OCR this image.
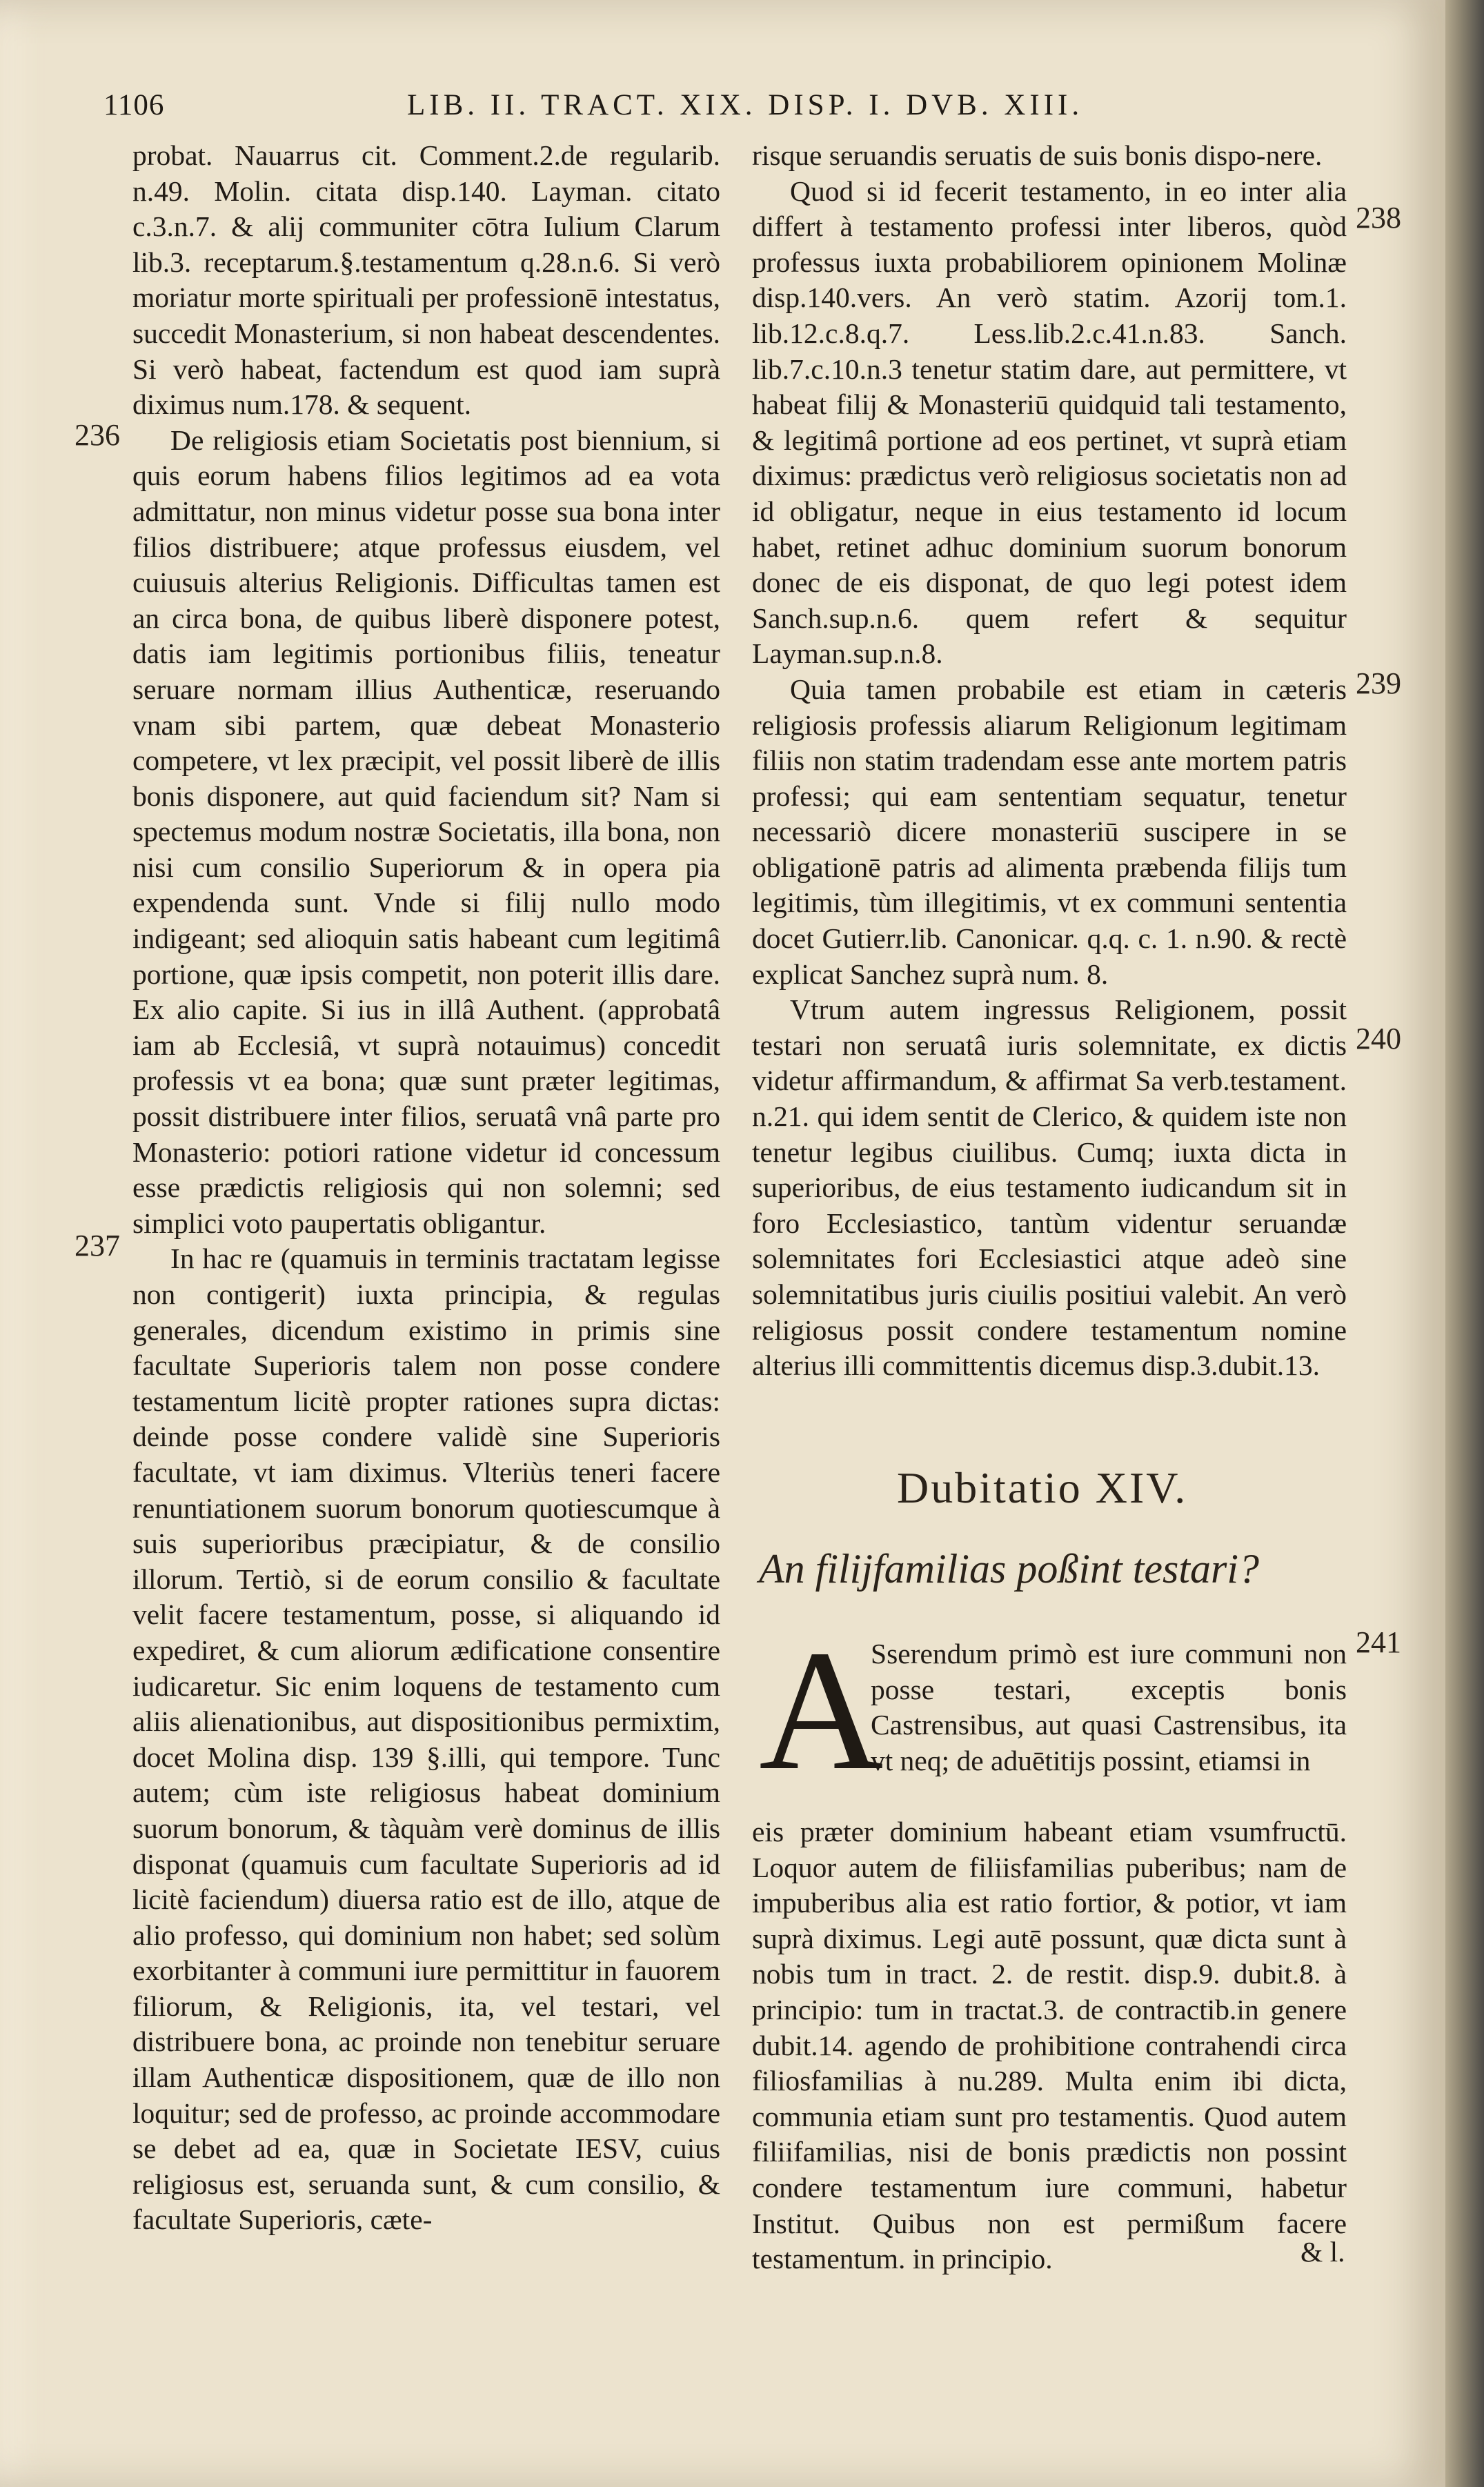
1106	LIB. II. TRACT. XIX. DISP. I. DVB. XIII.
236
237
238
239
240
241

probat. Nauarrus cit. Comment.2.de regularib. n.49. Molin. citata disp.140. Layman. citato c.3.n.7. & alij communiter cōtra Iulium Clarum lib.3. receptarum.§.testamentum q.28.n.6. Si verò moriatur morte spirituali per professionē intestatus, succedit Monasterium, si non habeat descendentes. Si verò habeat, factendum est quod iam suprà diximus num.178. & sequent.

De religiosis etiam Societatis post biennium, si quis eorum habens filios legitimos ad ea vota admittatur, non minus videtur posse sua bona inter filios distribuere; atque professus eiusdem, vel cuiusuis alterius Religionis. Difficultas tamen est an circa bona, de quibus liberè disponere potest, datis iam legitimis portionibus filiis, teneatur seruare normam illius Authenticæ, reseruando vnam sibi partem, quæ debeat Monasterio competere, vt lex præcipit, vel possit liberè de illis bonis disponere, aut quid faciendum sit? Nam si spectemus modum nostræ Societatis, illa bona, non nisi cum consilio Superiorum & in opera pia expendenda sunt. Vnde si filij nullo modo indigeant; sed alioquin satis habeant cum legitimâ portione, quæ ipsis competit, non poterit illis dare. Ex alio capite. Si ius in illâ Authent. (approbatâ iam ab Ecclesiâ, vt suprà notauimus) concedit professis vt ea bona; quæ sunt præter legitimas, possit distribuere inter filios, seruatâ vnâ parte pro Monasterio: potiori ratione videtur id concessum esse prædictis religiosis qui non solemni; sed simplici voto paupertatis obligantur.

In hac re (quamuis in terminis tractatam legisse non contigerit) iuxta principia, & regulas generales, dicendum existimo in primis sine facultate Superioris talem non posse condere testamentum licitè propter rationes supra dictas: deinde posse condere validè sine Superioris facultate, vt iam diximus. Vlteriùs teneri facere renuntiationem suorum bonorum quotiescumque à suis superioribus præcipiatur, & de consilio illorum. Tertiò, si de eorum consilio & facultate velit facere testamentum, posse, si aliquando id expediret, & cum aliorum ædificatione consentire iudicaretur. Sic enim loquens de testamento cum aliis alienationibus, aut dispositionibus permixtim, docet Molina disp. 139 §.illi, qui tempore. Tunc autem; cùm iste religiosus habeat dominium suorum bonorum, & tàquàm verè dominus de illis disponat (quamuis cum facultate Superioris ad id licitè faciendum) diuersa ratio est de illo, atque de alio professo, qui dominium non habet; sed solùm exorbitanter à communi iure permittitur in fauorem filiorum, & Religionis, ita, vel testari, vel distribuere bona, ac proinde non tenebitur seruare illam Authenticæ dispositionem, quæ de illo non loquitur; sed de professo, ac proinde accommodare se debet ad ea, quæ in Societate IESV, cuius religiosus est, seruanda sunt, & cum consilio, & facultate Superioris, cæte-

risque seruandis seruatis de suis bonis dispo-nere.

Quod si id fecerit testamento, in eo inter alia differt à testamento professi inter liberos, quòd professus iuxta probabiliorem opinionem Molinæ disp.140.vers. An verò statim. Azorij tom.1. lib.12.c.8.q.7. Less.lib.2.c.41.n.83. Sanch. lib.7.c.10.n.3 tenetur statim dare, aut permittere, vt habeat filij & Monasteriū quidquid tali testamento, & legitimâ portione ad eos pertinet, vt suprà etiam diximus: prædictus verò religiosus societatis non ad id obligatur, neque in eius testamento id locum habet, retinet adhuc dominium suorum bonorum donec de eis disponat, de quo legi potest idem Sanch.sup.n.6. quem refert & sequitur Layman.sup.n.8.

Quia tamen probabile est etiam in cæteris religiosis professis aliarum Religionum legitimam filiis non statim tradendam esse ante mortem patris professi; qui eam sententiam sequatur, tenetur necessariò dicere monasteriū suscipere in se obligationē patris ad alimenta præbenda filijs tum legitimis, tùm illegitimis, vt ex communi sententia docet Gutierr.lib. Canonicar. q.q. c. 1. n.90. & rectè explicat Sanchez suprà num. 8.

Vtrum autem ingressus Religionem, possit testari non seruatâ iuris solemnitate, ex dictis videtur affirmandum, & affirmat Sa verb.testament. n.21. qui idem sentit de Clerico, & quidem iste non tenetur legibus ciuilibus. Cumq; iuxta dicta in superioribus, de eius testamento iudicandum sit in foro Ecclesiastico, tantùm videntur seruandæ solemnitates fori Ecclesiastici atque adeò sine solemnitatibus juris ciuilis positiui valebit. An verò religiosus possit condere testamentum nomine alterius illi committentis dicemus disp.3.dubit.13.

Dubitatio XIV.
An filijfamilias poßint testari?
A
Sserendum primò est iure communi non posse testari, exceptis bonis Castrensibus, aut quasi Castrensibus, ita vt neq; de aduētitijs possint, etiamsi in
eis præter dominium habeant etiam vsumfructū. Loquor autem de filiisfamilias puberibus; nam de impuberibus alia est ratio fortior, & potior, vt iam suprà diximus. Legi autē possunt, quæ dicta sunt à nobis tum in tract. 2. de restit. disp.9. dubit.8. à principio: tum in tractat.3. de contractib.in genere dubit.14. agendo de prohibitione contrahendi circa filiosfamilias à nu.289. Multa enim ibi dicta, communia etiam sunt pro testamentis. Quod autem filiifamilias, nisi de bonis prædictis non possint condere testamentum iure communi, habetur Institut. Quibus non est permißum facere testamentum. in principio.	& l.
